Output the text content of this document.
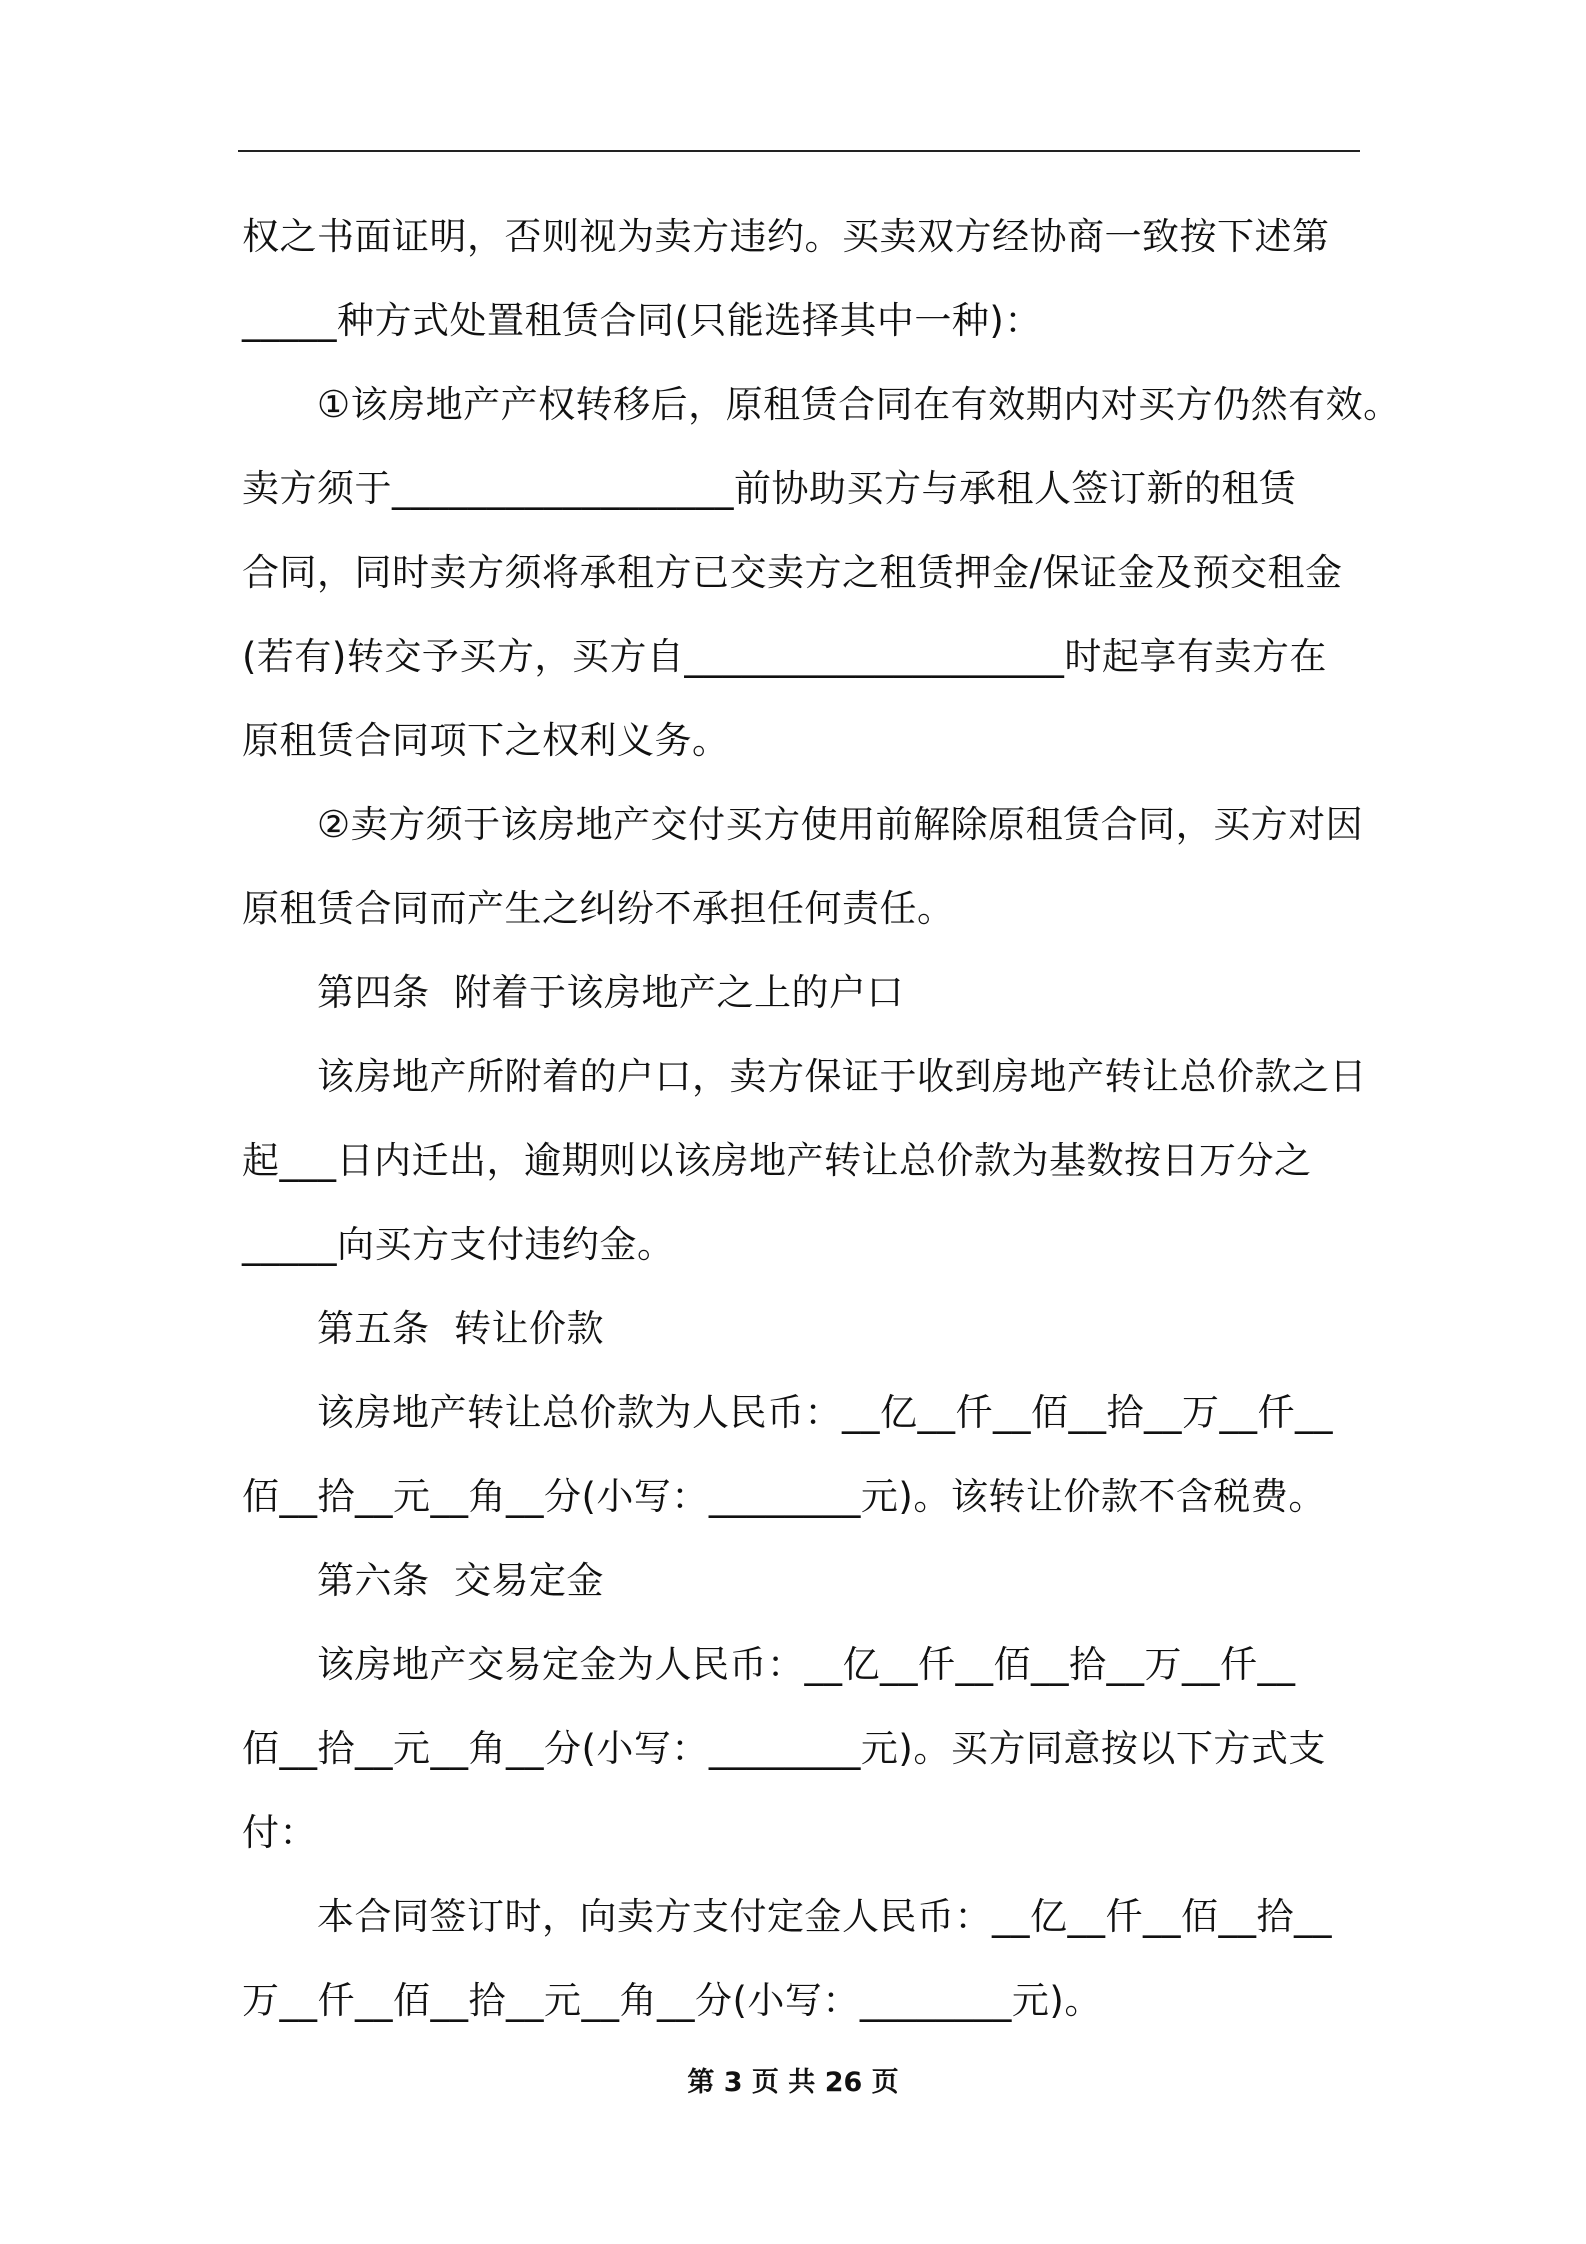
权之书面证明，否则视为卖方违约。买卖双方经协商一致按下述第
_____种方式处置租赁合同(只能选择其中一种)：
①该房地产产权转移后，原租赁合同在有效期内对买方仍然有效。
卖方须于__________________前协助买方与承租人签订新的租赁
合同，同时卖方须将承租方已交卖方之租赁押金/保证金及预交租金
(若有)转交予买方，买方自____________________时起享有卖方在
原租赁合同项下之权利义务。
②卖方须于该房地产交付买方使用前解除原租赁合同，买方对因
原租赁合同而产生之纠纷不承担任何责任。
第四条  附着于该房地产之上的户口
该房地产所附着的户口，卖方保证于收到房地产转让总价款之日
起___日内迁出，逾期则以该房地产转让总价款为基数按日万分之
_____向买方支付违约金。
第五条  转让价款
该房地产转让总价款为人民币：__亿__仟__佰__拾__万__仟__
佰__拾__元__角__分(小写：________元)。该转让价款不含税费。
第六条  交易定金
该房地产交易定金为人民币：__亿__仟__佰__拾__万__仟__
佰__拾__元__角__分(小写：________元)。买方同意按以下方式支
付：
本合同签订时，向卖方支付定金人民币：__亿__仟__佰__拾__
万__仟__佰__拾__元__角__分(小写：________元)。
第 3 页 共 26 页
